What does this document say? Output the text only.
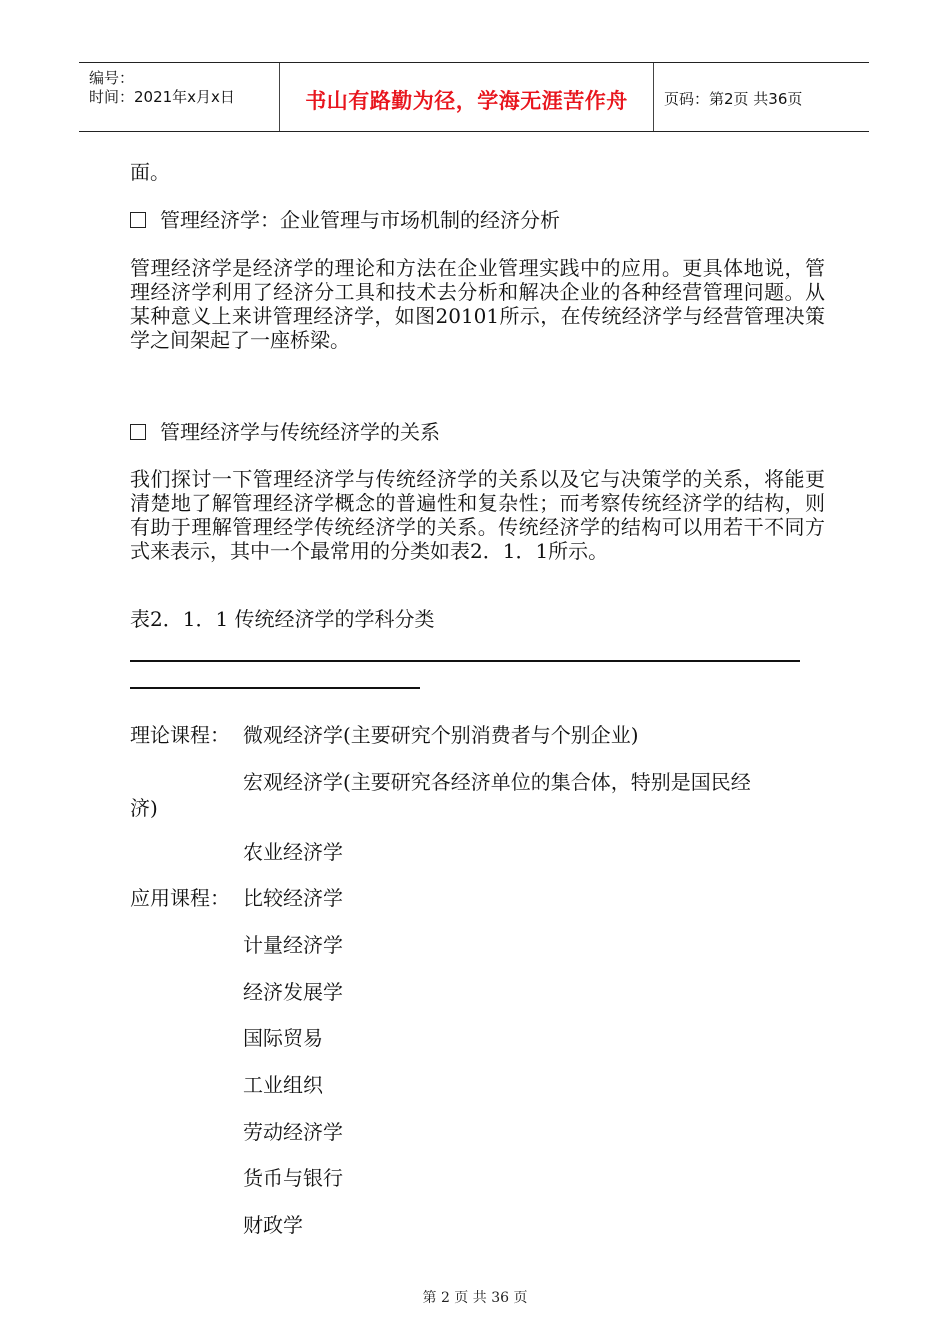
编号：
时间：2021年x月x日	书山有路勤为径，学海无涯苦作舟	页码：第2页 共36页
面。
管理经济学：企业管理与市场机制的经济分析
管理经济学是经济学的理论和方法在企业管理实践中的应用。更具体地说，管理经济学利用了经济分工具和技术去分析和解决企业的各种经营管理问题。从某种意义上来讲管理经济学，如图20101所示，在传统经济学与经营管理决策学之间架起了一座桥梁。
管理经济学与传统经济学的关系
我们探讨一下管理经济学与传统经济学的关系以及它与决策学的关系，将能更清楚地了解管理经济学概念的普遍性和复杂性；而考察传统经济学的结构，则有助于理解管理经学传统经济学的关系。传统经济学的结构可以用若干不同方式来表示，其中一个最常用的分类如表2．1．1所示。
表2．1．1 传统经济学的学科分类
理论课程： 微观经济学(主要研究个别消费者与个别企业)
宏观经济学(主要研究各经济单位的集合体，特别是国民经
济)
农业经济学
应用课程： 比较经济学
计量经济学
经济发展学
国际贸易
工业组织
劳动经济学
货币与银行
财政学
第 2 页 共 36 页
